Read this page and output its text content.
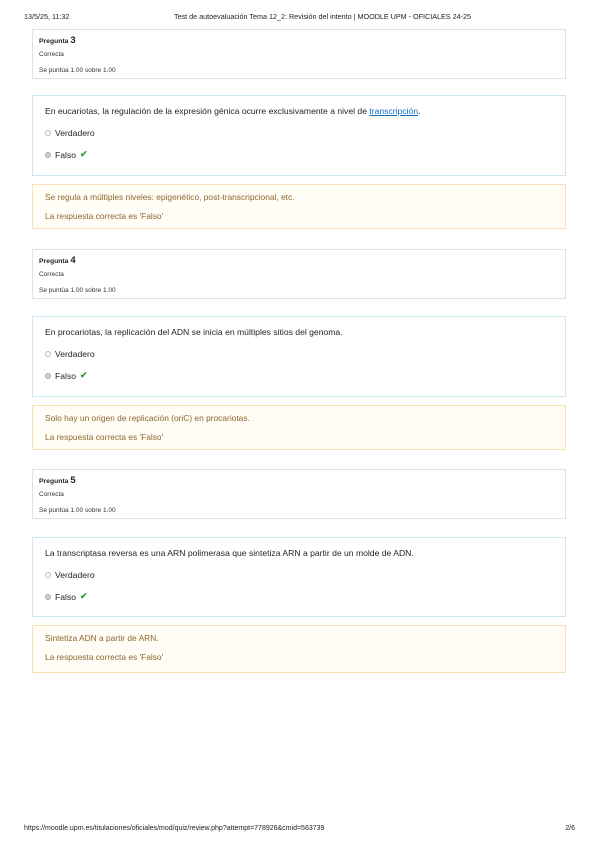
13/5/25, 11:32	Test de autoevaluación Tema 12_2: Revisión del intento | MOODLE UPM - OFICIALES 24-25
Pregunta 3
Correcta
Se puntúa 1.00 sobre 1.00
En eucariotas, la regulación de la expresión génica ocurre exclusivamente a nivel de transcripción.
Verdadero
Falso ✔
Se regula a múltiples niveles: epigenético, post-transcripcional, etc.
La respuesta correcta es 'Falso'
Pregunta 4
Correcta
Se puntúa 1.00 sobre 1.00
En procariotas, la replicación del ADN se inicia en múltiples sitios del genoma.
Verdadero
Falso ✔
Solo hay un origen de replicación (oriC) en procariotas.
La respuesta correcta es 'Falso'
Pregunta 5
Correcta
Se puntúa 1.00 sobre 1.00
La transcriptasa reversa es una ARN polimerasa que sintetiza ARN a partir de un molde de ADN.
Verdadero
Falso ✔
Sintetiza ADN a partir de ARN.
La respuesta correcta es 'Falso'
https://moodle.upm.es/titulaciones/oficiales/mod/quiz/review.php?attempt=778926&cmid=563739	2/6
